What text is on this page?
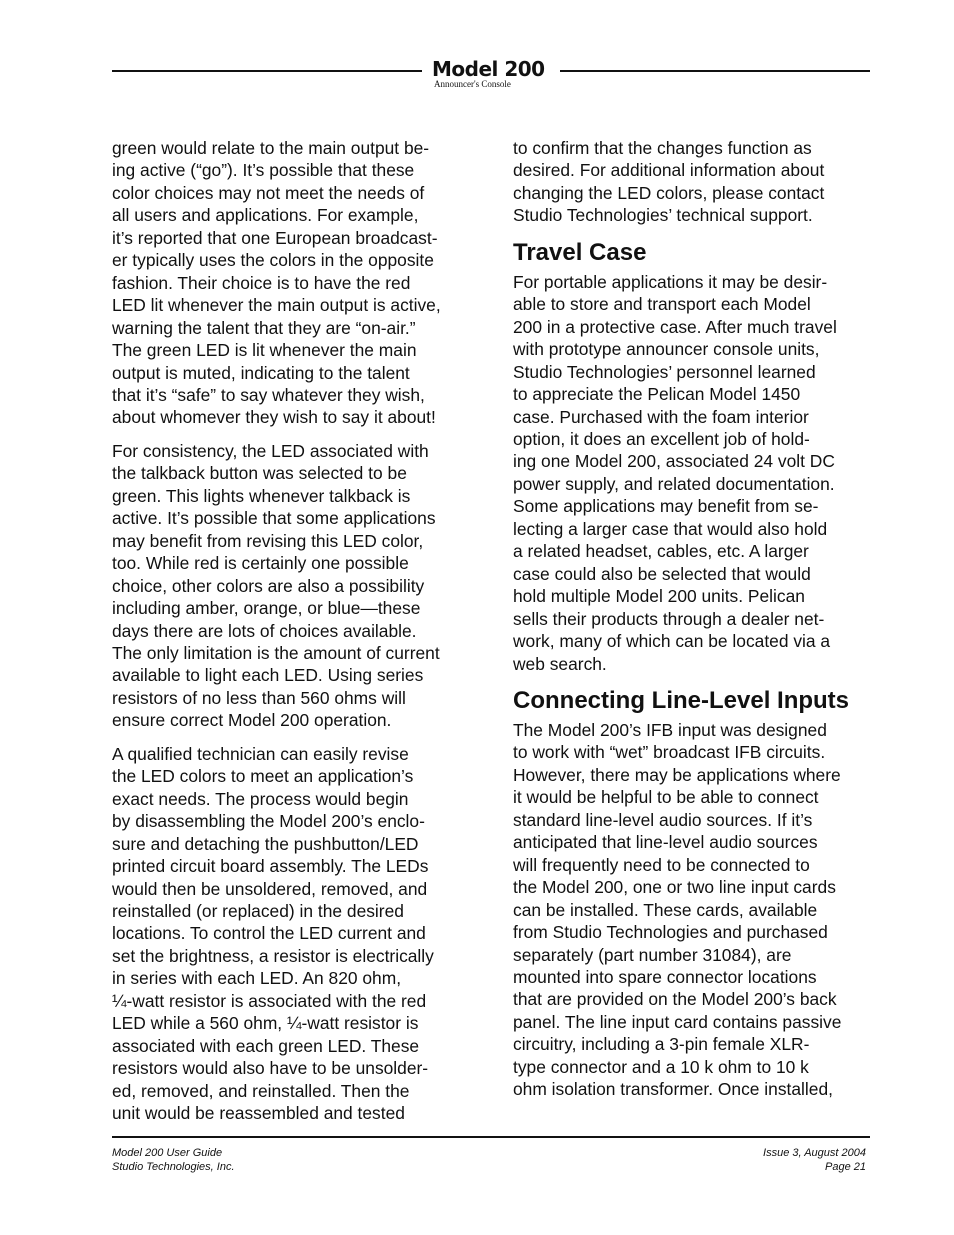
Model 200
Announcer's Console

green would relate to the main output be-
ing active (“go”). It’s possible that these
color choices may not meet the needs of
all users and applications. For example,
it’s reported that one European broadcast-
er typically uses the colors in the opposite
fashion. Their choice is to have the red
LED lit whenever the main output is active,
warning the talent that they are “on-air.”
The green LED is lit whenever the main
output is muted, indicating to the talent
that it’s “safe” to say whatever they wish,
about whomever they wish to say it about!

For consistency, the LED associated with
the talkback button was selected to be
green. This lights whenever talkback is
active. It’s possible that some applications
may benefit from revising this LED color,
too. While red is certainly one possible
choice, other colors are also a possibility
including amber, orange, or blue—these
days there are lots of choices available.
The only limitation is the amount of current
available to light each LED. Using series
resistors of no less than 560 ohms will
ensure correct Model 200 operation.

A qualified technician can easily revise
the LED colors to meet an application’s
exact needs. The process would begin
by disassembling the Model 200’s enclo-
sure and detaching the pushbutton/LED
printed circuit board assembly. The LEDs
would then be unsoldered, removed, and
reinstalled (or replaced) in the desired
locations. To control the LED current and
set the brightness, a resistor is electrically
in series with each LED. An 820 ohm,
¼-watt resistor is associated with the red
LED while a 560 ohm, ¼-watt resistor is
associated with each green LED. These
resistors would also have to be unsolder-
ed, removed, and reinstalled. Then the
unit would be reassembled and tested

to confirm that the changes function as
desired. For additional information about
changing the LED colors, please contact
Studio Technologies’ technical support.

Travel Case

For portable applications it may be desir-
able to store and transport each Model
200 in a protective case. After much travel
with prototype announcer console units,
Studio Technologies’ personnel learned
to appreciate the Pelican Model 1450
case. Purchased with the foam interior
option, it does an excellent job of hold-
ing one Model 200, associated 24 volt DC
power supply, and related documentation.
Some applications may benefit from se-
lecting a larger case that would also hold
a related headset, cables, etc. A larger
case could also be selected that would
hold multiple Model 200 units. Pelican
sells their products through a dealer net-
work, many of which can be located via a
web search.

Connecting Line-Level Inputs

The Model 200’s IFB input was designed
to work with “wet” broadcast IFB circuits.
However, there may be applications where
it would be helpful to be able to connect
standard line-level audio sources. If it’s
anticipated that line-level audio sources
will frequently need to be connected to
the Model 200, one or two line input cards
can be installed. These cards, available
from Studio Technologies and purchased
separately (part number 31084), are
mounted into spare connector locations
that are provided on the Model 200’s back
panel. The line input card contains passive
circuitry, including a 3-pin female XLR-
type connector and a 10 k ohm to 10 k
ohm isolation transformer. Once installed,

Model 200 User Guide
Studio Technologies, Inc.
Issue 3, August 2004
Page 21
